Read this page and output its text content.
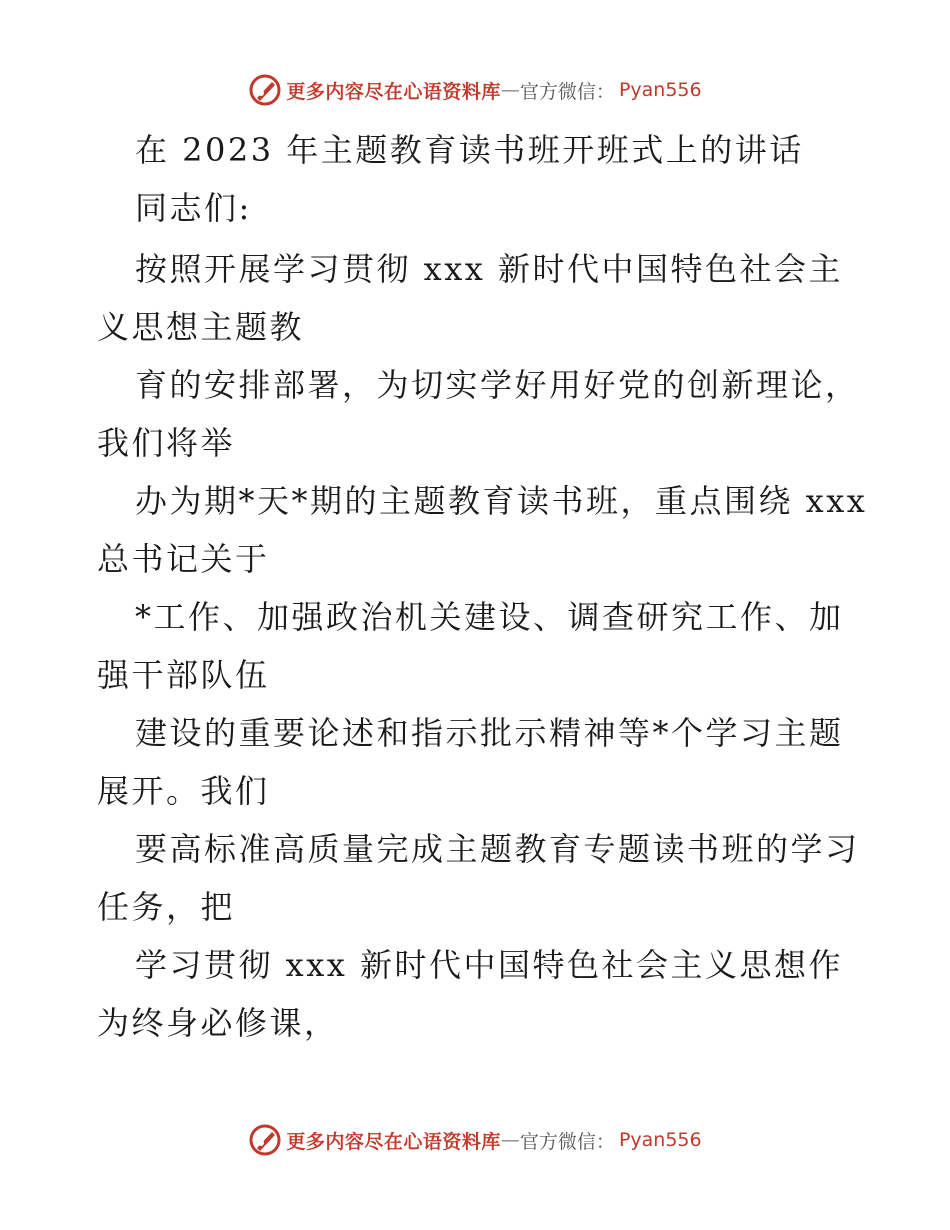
更多内容尽在心语资料库 — 官方微信： Pyan556
在 2023 年主题教育读书班开班式上的讲话
同志们:
按照开展学习贯彻 xxx 新时代中国特色社会主
义思想主题教
育的安排部署，为切实学好用好党的创新理论，
我们将举
办为期*天*期的主题教育读书班，重点围绕 xxx
总书记关于
*工作、加强政治机关建设、调查研究工作、加
强干部队伍
建设的重要论述和指示批示精神等*个学习主题
展开。我们
要高标准高质量完成主题教育专题读书班的学习
任务，把
学习贯彻 xxx 新时代中国特色社会主义思想作
为终身必修课，
更多内容尽在心语资料库 — 官方微信： Pyan556
